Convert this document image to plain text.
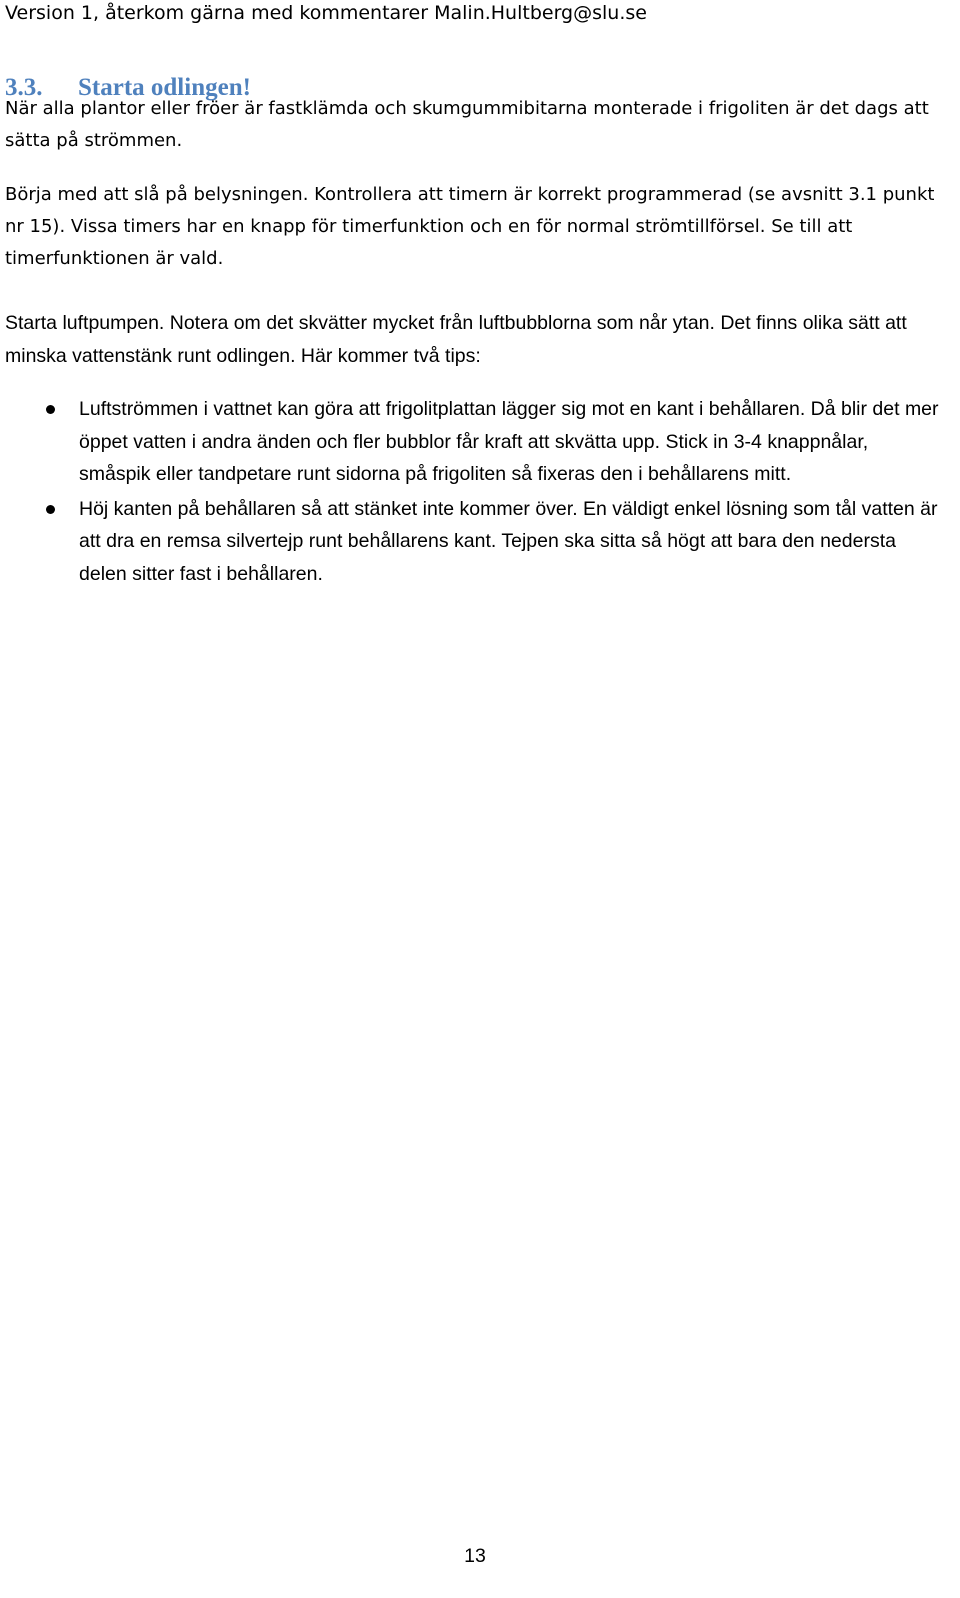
Version 1, återkom gärna med kommentarer Malin.Hultberg@slu.se
3.3. Starta odlingen!

När alla plantor eller fröer är fastklämda och skumgummibitarna monterade i frigoliten är det dags att sätta på strömmen.

Börja med att slå på belysningen. Kontrollera att timern är korrekt programmerad (se avsnitt 3.1 punkt nr 15). Vissa timers har en knapp för timerfunktion och en för normal strömtillförsel. Se till att timerfunktionen är vald.

Starta luftpumpen. Notera om det skvätter mycket från luftbubblorna som når ytan. Det finns olika sätt att minska vattenstänk runt odlingen. Här kommer två tips:

Luftströmmen i vattnet kan göra att frigolitplattan lägger sig mot en kant i behållaren. Då blir det mer öppet vatten i andra änden och fler bubblor får kraft att skvätta upp. Stick in 3-4 knappnålar, småspik eller tandpetare runt sidorna på frigoliten så fixeras den i behållarens mitt.
Höj kanten på behållaren så att stänket inte kommer över. En väldigt enkel lösning som tål vatten är att dra en remsa silvertejp runt behållarens kant. Tejpen ska sitta så högt att bara den nedersta delen sitter fast i behållaren.
13
